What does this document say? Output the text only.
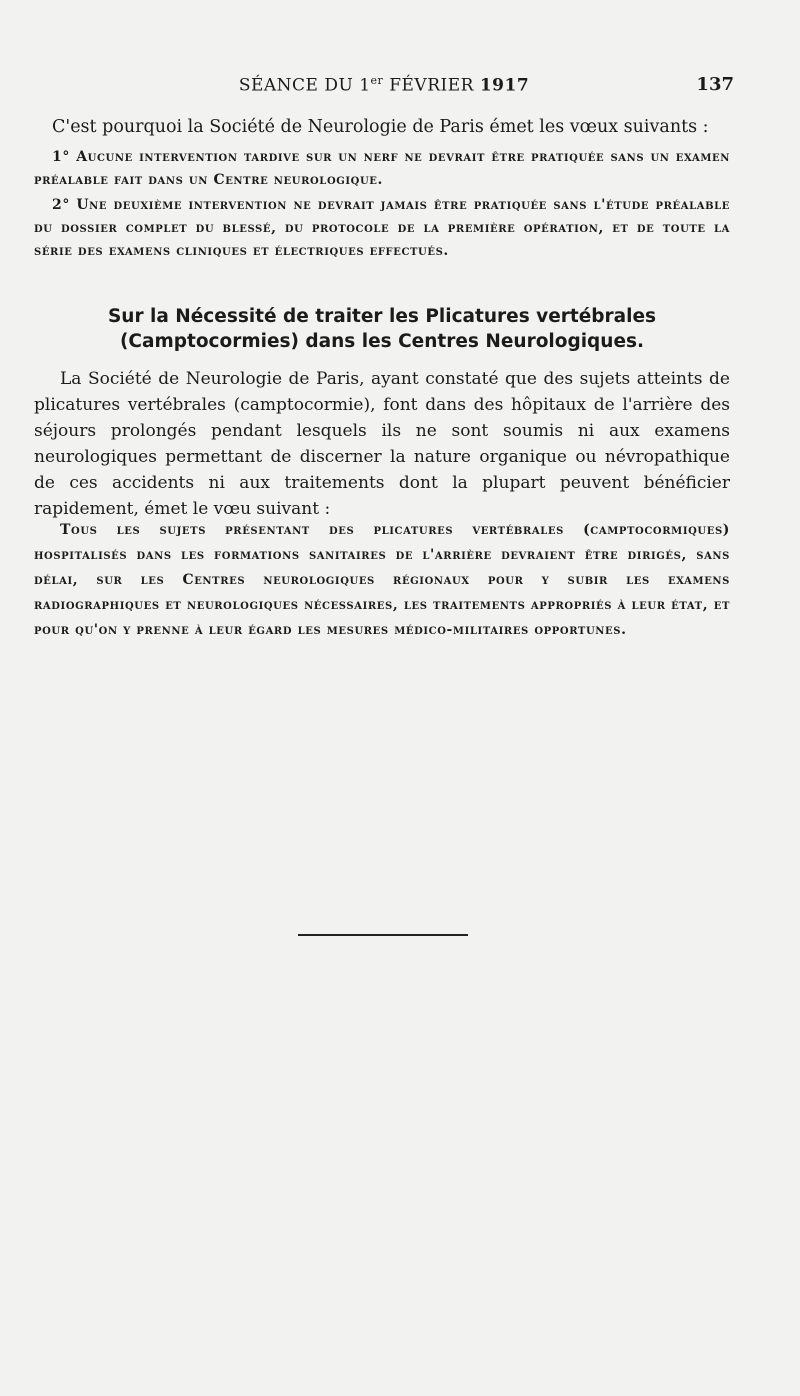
SÉANCE DU 1er FÉVRIER 1917	137

C'est pourquoi la Société de Neurologie de Paris émet les vœux suivants :

1° Aucune intervention tardive sur un nerf ne devrait être pratiquée sans un examen préalable fait dans un Centre neurologique.

2° Une deuxième intervention ne devrait jamais être pratiquée sans l'étude préalable du dossier complet du blessé, du protocole de la première opération, et de toute la série des examens cliniques et électriques effectués.

Sur la Nécessité de traiter les Plicatures vertébrales
(Camptocormies) dans les Centres Neurologiques.

La Société de Neurologie de Paris, ayant constaté que des sujets atteints de plicatures vertébrales (camptocormie), font dans des hôpitaux de l'arrière des séjours prolongés pendant lesquels ils ne sont soumis ni aux examens neurologiques permettant de discerner la nature organique ou névropathique de ces accidents ni aux traitements dont la plupart peuvent bénéficier rapidement, émet le vœu suivant :

Tous les sujets présentant des plicatures vertébrales (camptocormiques) hospitalisés dans les formations sanitaires de l'arrière devraient être dirigés, sans délai, sur les Centres neurologiques régionaux pour y subir les examens radiographiques et neurologiques nécessaires, les traitements appropriés à leur état, et pour qu'on y prenne à leur égard les mesures médico-militaires opportunes.
